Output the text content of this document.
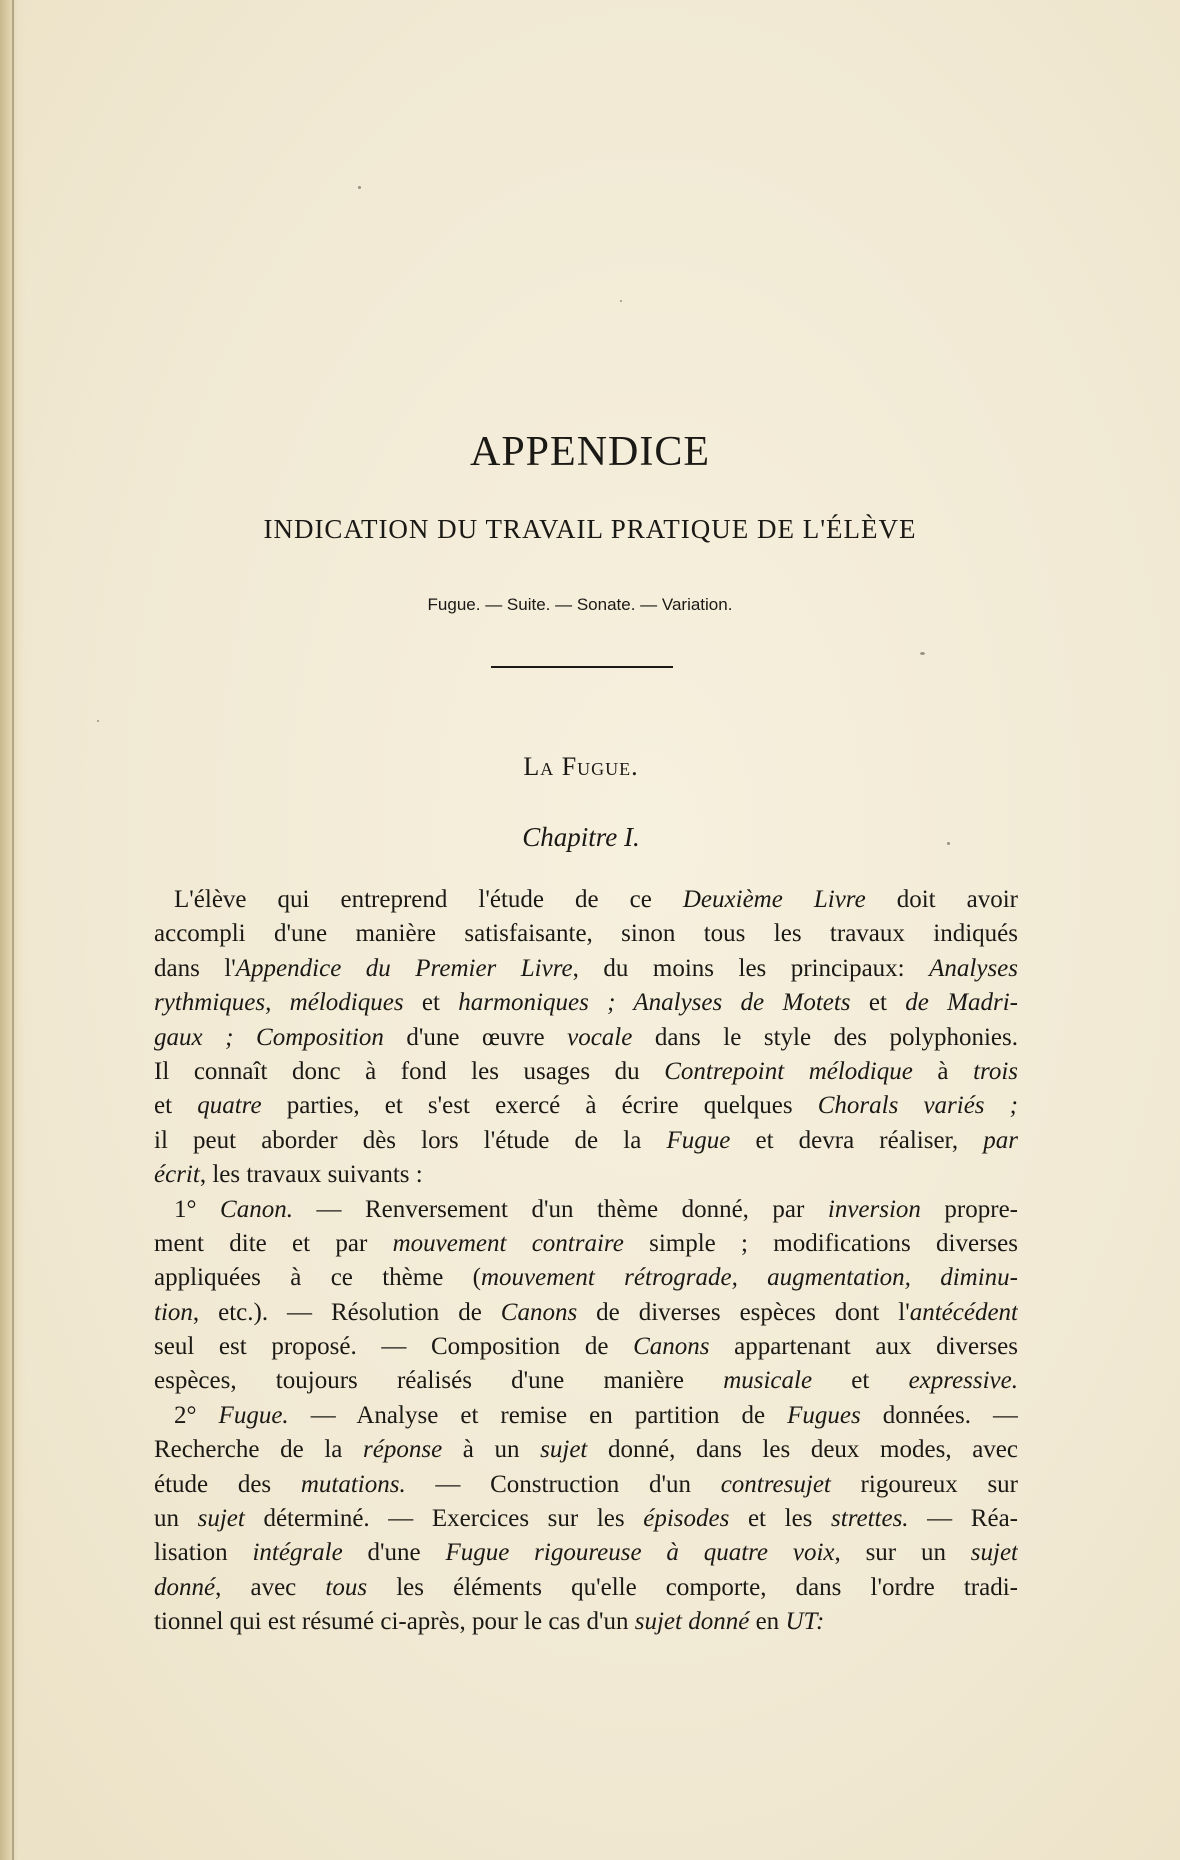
APPENDICE
INDICATION DU TRAVAIL PRATIQUE DE L'ÉLÈVE
Fugue. — Suite. — Sonate. — Variation.
La Fugue.
Chapitre I.
L'élève qui entreprend l'étude de ce Deuxième Livre doit avoir
accompli d'une manière satisfaisante, sinon tous les travaux indiqués
dans l'Appendice du Premier Livre, du moins les principaux: Analyses
rythmiques, mélodiques et harmoniques ; Analyses de Motets et de Madri-
gaux ; Composition d'une œuvre vocale dans le style des polyphonies.
Il connaît donc à fond les usages du Contrepoint mélodique à trois
et quatre parties, et s'est exercé à écrire quelques Chorals variés ;
il peut aborder dès lors l'étude de la Fugue et devra réaliser, par
écrit, les travaux suivants :
1° Canon. — Renversement d'un thème donné, par inversion propre-
ment dite et par mouvement contraire simple ; modifications diverses
appliquées à ce thème (mouvement rétrograde, augmentation, diminu-
tion, etc.). — Résolution de Canons de diverses espèces dont l'antécédent
seul est proposé. — Composition de Canons appartenant aux diverses
espèces, toujours réalisés d'une manière musicale et expressive.
2° Fugue. — Analyse et remise en partition de Fugues données. —
Recherche de la réponse à un sujet donné, dans les deux modes, avec
étude des mutations. — Construction d'un contresujet rigoureux sur
un sujet déterminé. — Exercices sur les épisodes et les strettes. — Réa-
lisation intégrale d'une Fugue rigoureuse à quatre voix, sur un sujet
donné, avec tous les éléments qu'elle comporte, dans l'ordre tradi-
tionnel qui est résumé ci-après, pour le cas d'un sujet donné en UT:
